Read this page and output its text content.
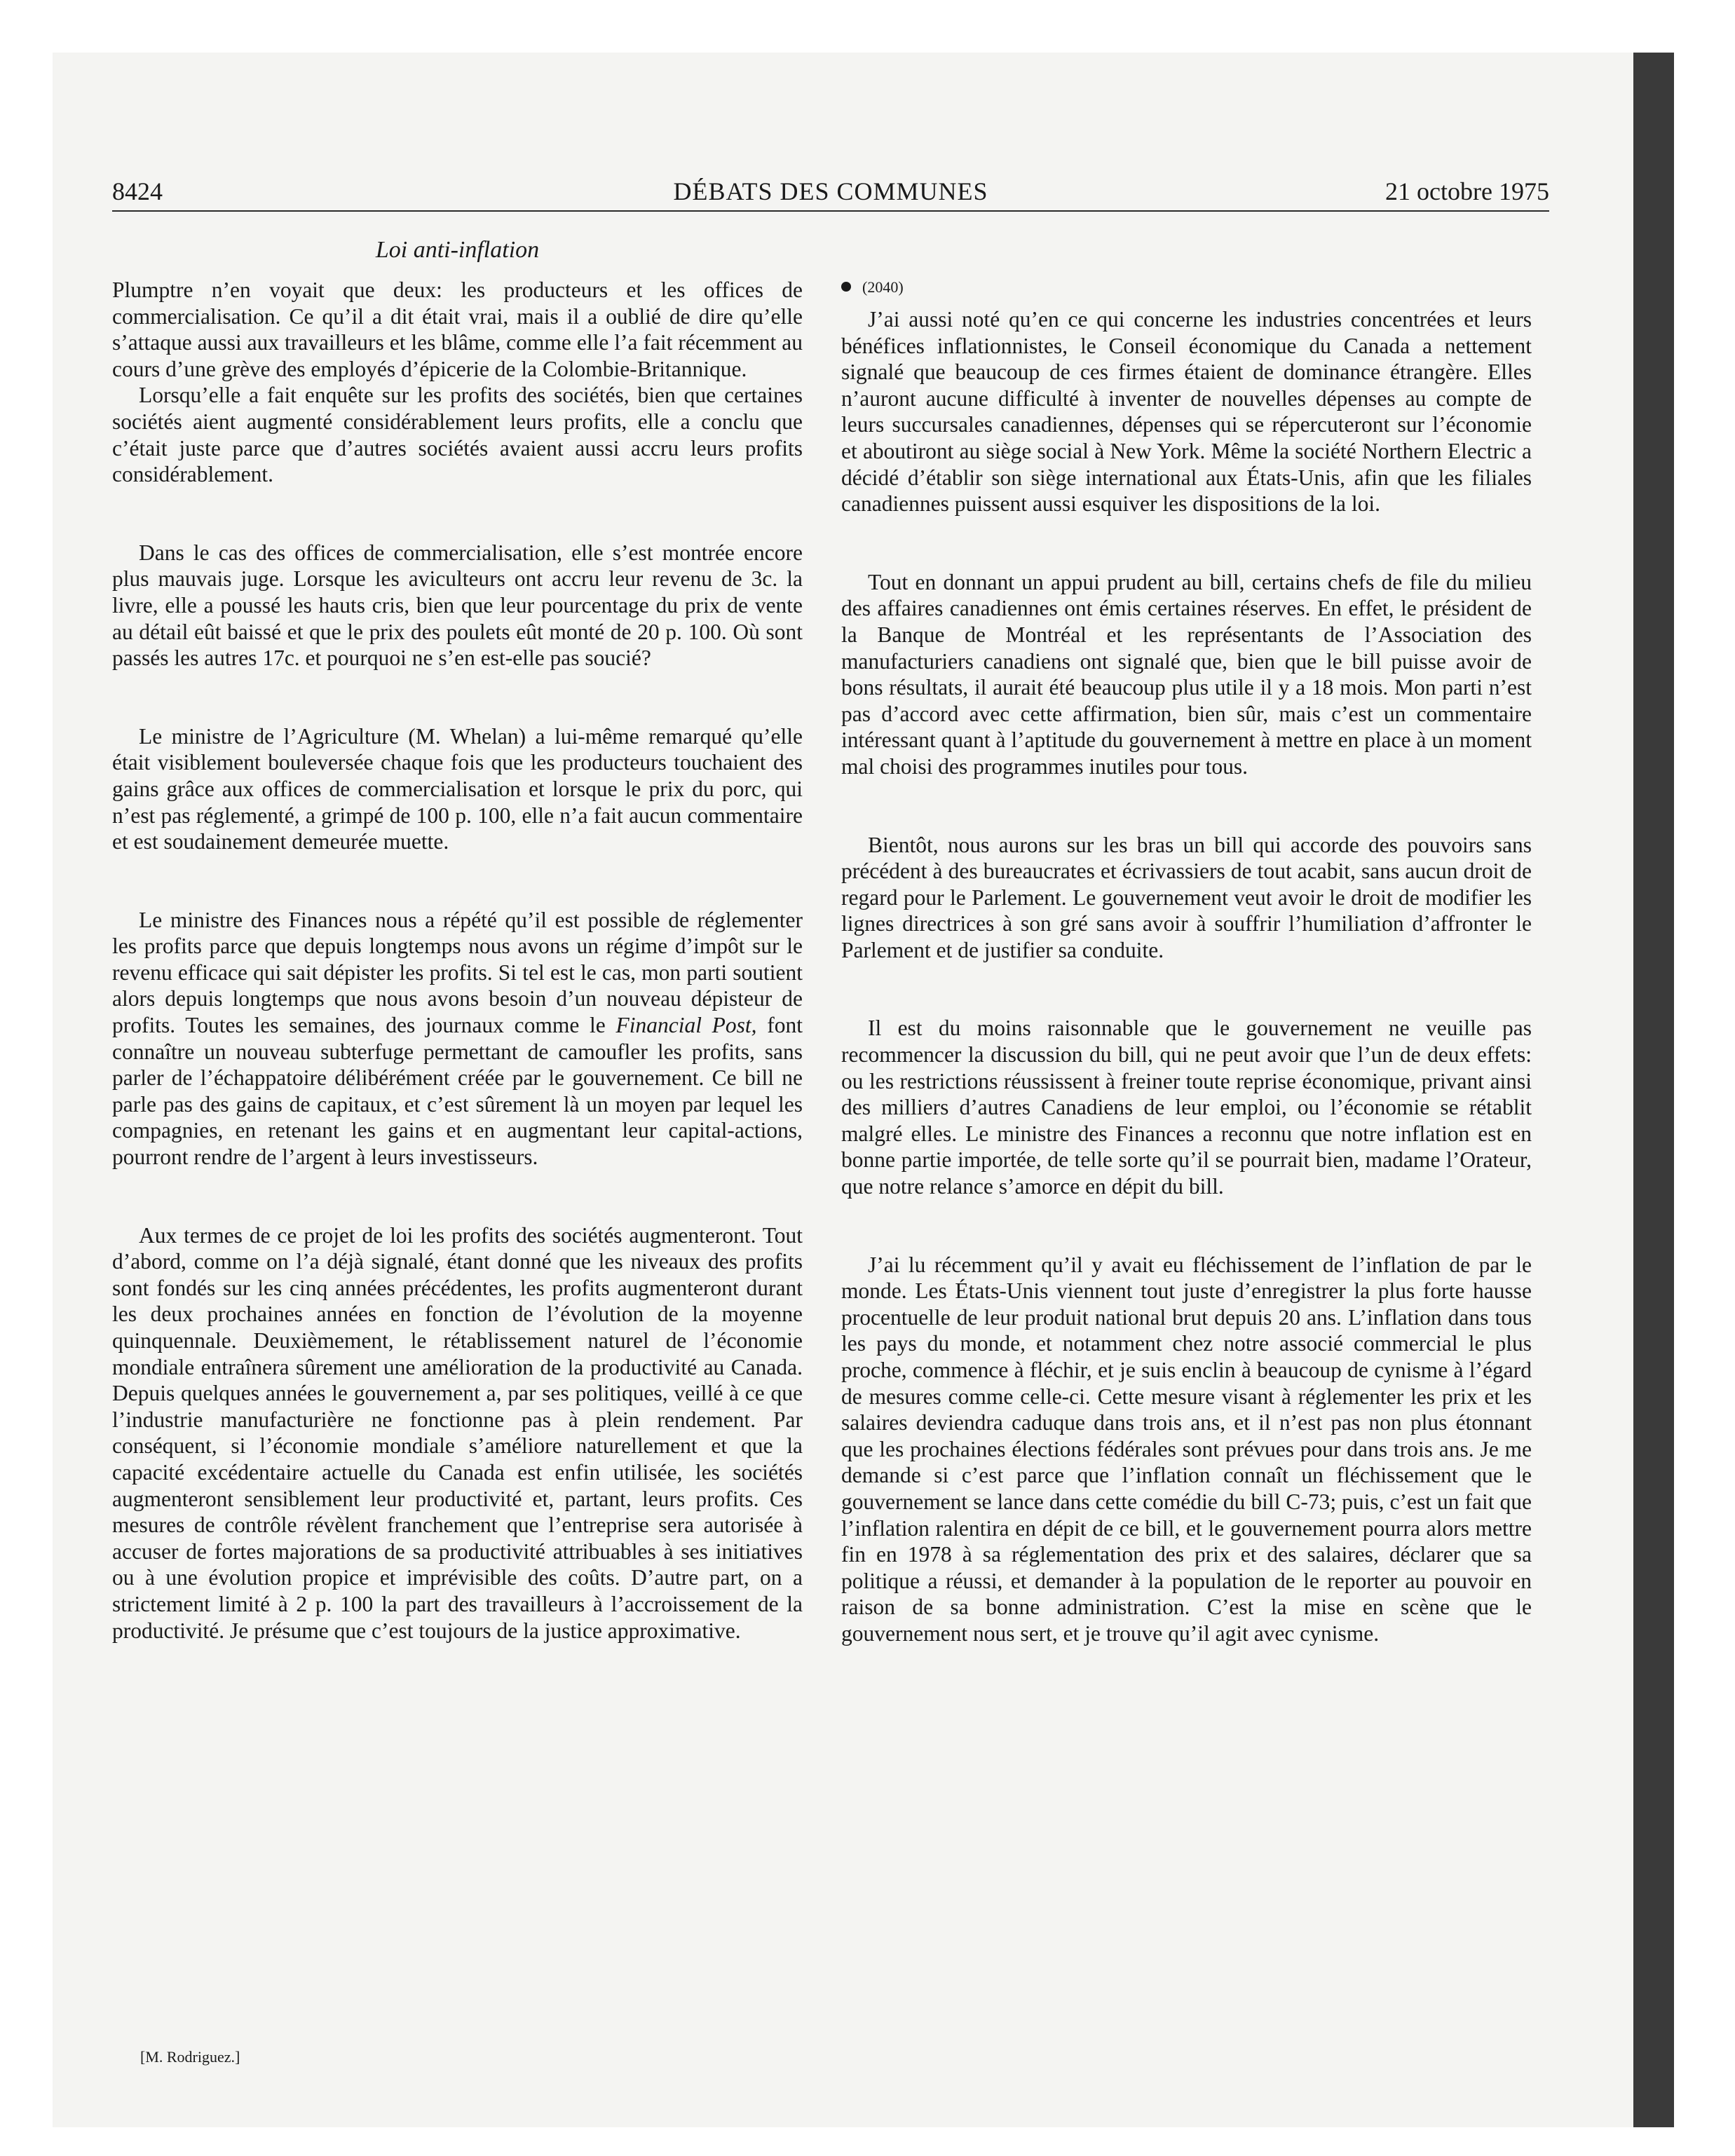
8424	DÉBATS DES COMMUNES	21 octobre 1975
Loi anti-inflation

Plumptre n’en voyait que deux: les producteurs et les offices de commercialisation. Ce qu’il a dit était vrai, mais il a oublié de dire qu’elle s’attaque aussi aux travailleurs et les blâme, comme elle l’a fait récemment au cours d’une grève des employés d’épicerie de la Colombie-Britannique.

Lorsqu’elle a fait enquête sur les profits des sociétés, bien que certaines sociétés aient augmenté considérablement leurs profits, elle a conclu que c’était juste parce que d’autres sociétés avaient aussi accru leurs profits considérablement.

Dans le cas des offices de commercialisation, elle s’est montrée encore plus mauvais juge. Lorsque les aviculteurs ont accru leur revenu de 3c. la livre, elle a poussé les hauts cris, bien que leur pourcentage du prix de vente au détail eût baissé et que le prix des poulets eût monté de 20 p. 100. Où sont passés les autres 17c. et pourquoi ne s’en est-elle pas soucié?

Le ministre de l’Agriculture (M. Whelan) a lui-même remarqué qu’elle était visiblement bouleversée chaque fois que les producteurs touchaient des gains grâce aux offices de commercialisation et lorsque le prix du porc, qui n’est pas réglementé, a grimpé de 100 p. 100, elle n’a fait aucun commentaire et est soudainement demeurée muette.

Le ministre des Finances nous a répété qu’il est possible de réglementer les profits parce que depuis longtemps nous avons un régime d’impôt sur le revenu efficace qui sait dépister les profits. Si tel est le cas, mon parti soutient alors depuis longtemps que nous avons besoin d’un nouveau dépisteur de profits. Toutes les semaines, des journaux comme le Financial Post, font connaître un nouveau subterfuge permettant de camoufler les profits, sans parler de l’échappatoire délibérément créée par le gouvernement. Ce bill ne parle pas des gains de capitaux, et c’est sûrement là un moyen par lequel les compagnies, en retenant les gains et en augmentant leur capital-actions, pourront rendre de l’argent à leurs investisseurs.

Aux termes de ce projet de loi les profits des sociétés augmenteront. Tout d’abord, comme on l’a déjà signalé, étant donné que les niveaux des profits sont fondés sur les cinq années précédentes, les profits augmenteront durant les deux prochaines années en fonction de l’évolution de la moyenne quinquennale. Deuxièmement, le rétablissement naturel de l’économie mondiale entraînera sûrement une amélioration de la productivité au Canada. Depuis quelques années le gouvernement a, par ses politiques, veillé à ce que l’industrie manufacturière ne fonctionne pas à plein rendement. Par conséquent, si l’économie mondiale s’améliore naturellement et que la capacité excédentaire actuelle du Canada est enfin utilisée, les sociétés augmenteront sensiblement leur productivité et, partant, leurs profits. Ces mesures de contrôle révèlent franchement que l’entreprise sera autorisée à accuser de fortes majorations de sa productivité attribuables à ses initiatives ou à une évolution propice et imprévisible des coûts. D’autre part, on a strictement limité à 2 p. 100 la part des travailleurs à l’accroissement de la productivité. Je présume que c’est toujours de la justice approximative.

(2040)

J’ai aussi noté qu’en ce qui concerne les industries concentrées et leurs bénéfices inflationnistes, le Conseil économique du Canada a nettement signalé que beaucoup de ces firmes étaient de dominance étrangère. Elles n’auront aucune difficulté à inventer de nouvelles dépenses au compte de leurs succursales canadiennes, dépenses qui se répercuteront sur l’économie et aboutiront au siège social à New York. Même la société Northern Electric a décidé d’établir son siège international aux États-Unis, afin que les filiales canadiennes puissent aussi esquiver les dispositions de la loi.

Tout en donnant un appui prudent au bill, certains chefs de file du milieu des affaires canadiennes ont émis certaines réserves. En effet, le président de la Banque de Montréal et les représentants de l’Association des manufacturiers canadiens ont signalé que, bien que le bill puisse avoir de bons résultats, il aurait été beaucoup plus utile il y a 18 mois. Mon parti n’est pas d’accord avec cette affirmation, bien sûr, mais c’est un commentaire intéressant quant à l’aptitude du gouvernement à mettre en place à un moment mal choisi des programmes inutiles pour tous.

Bientôt, nous aurons sur les bras un bill qui accorde des pouvoirs sans précédent à des bureaucrates et écrivassiers de tout acabit, sans aucun droit de regard pour le Parlement. Le gouvernement veut avoir le droit de modifier les lignes directrices à son gré sans avoir à souffrir l’humiliation d’affronter le Parlement et de justifier sa conduite.

Il est du moins raisonnable que le gouvernement ne veuille pas recommencer la discussion du bill, qui ne peut avoir que l’un de deux effets: ou les restrictions réussissent à freiner toute reprise économique, privant ainsi des milliers d’autres Canadiens de leur emploi, ou l’économie se rétablit malgré elles. Le ministre des Finances a reconnu que notre inflation est en bonne partie importée, de telle sorte qu’il se pourrait bien, madame l’Orateur, que notre relance s’amorce en dépit du bill.

J’ai lu récemment qu’il y avait eu fléchissement de l’inflation de par le monde. Les États-Unis viennent tout juste d’enregistrer la plus forte hausse procentuelle de leur produit national brut depuis 20 ans. L’inflation dans tous les pays du monde, et notamment chez notre associé commercial le plus proche, commence à fléchir, et je suis enclin à beaucoup de cynisme à l’égard de mesures comme celle-ci. Cette mesure visant à réglementer les prix et les salaires deviendra caduque dans trois ans, et il n’est pas non plus étonnant que les prochaines élections fédérales sont prévues pour dans trois ans. Je me demande si c’est parce que l’inflation connaît un fléchissement que le gouvernement se lance dans cette comédie du bill C-73; puis, c’est un fait que l’inflation ralentira en dépit de ce bill, et le gouvernement pourra alors mettre fin en 1978 à sa réglementation des prix et des salaires, déclarer que sa politique a réussi, et demander à la population de le reporter au pouvoir en raison de sa bonne administration. C’est la mise en scène que le gouvernement nous sert, et je trouve qu’il agit avec cynisme.

[M. Rodriguez.]
